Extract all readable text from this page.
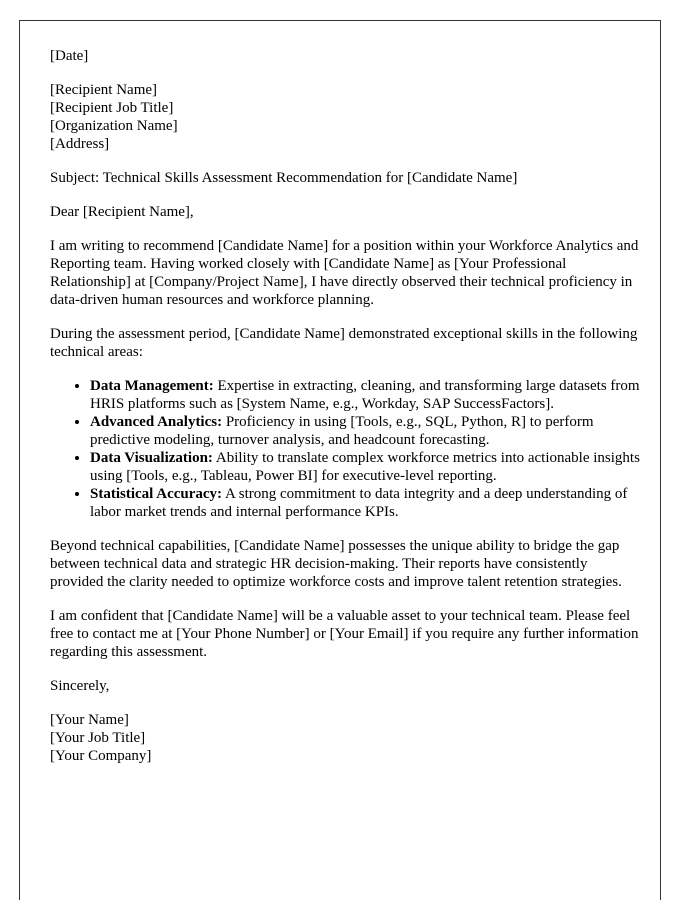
[Date]

[Recipient Name]
[Recipient Job Title]
[Organization Name]
[Address]

Subject: Technical Skills Assessment Recommendation for [Candidate Name]

Dear [Recipient Name],

I am writing to recommend [Candidate Name] for a position within your Workforce Analytics and Reporting team. Having worked closely with [Candidate Name] as [Your Professional Relationship] at [Company/Project Name], I have directly observed their technical proficiency in data-driven human resources and workforce planning.

During the assessment period, [Candidate Name] demonstrated exceptional skills in the following technical areas:

• Data Management: Expertise in extracting, cleaning, and transforming large datasets from HRIS platforms such as [System Name, e.g., Workday, SAP SuccessFactors].
• Advanced Analytics: Proficiency in using [Tools, e.g., SQL, Python, R] to perform predictive modeling, turnover analysis, and headcount forecasting.
• Data Visualization: Ability to translate complex workforce metrics into actionable insights using [Tools, e.g., Tableau, Power BI] for executive-level reporting.
• Statistical Accuracy: A strong commitment to data integrity and a deep understanding of labor market trends and internal performance KPIs.

Beyond technical capabilities, [Candidate Name] possesses the unique ability to bridge the gap between technical data and strategic HR decision-making. Their reports have consistently provided the clarity needed to optimize workforce costs and improve talent retention strategies.

I am confident that [Candidate Name] will be a valuable asset to your technical team. Please feel free to contact me at [Your Phone Number] or [Your Email] if you require any further information regarding this assessment.

Sincerely,

[Your Name]
[Your Job Title]
[Your Company]
